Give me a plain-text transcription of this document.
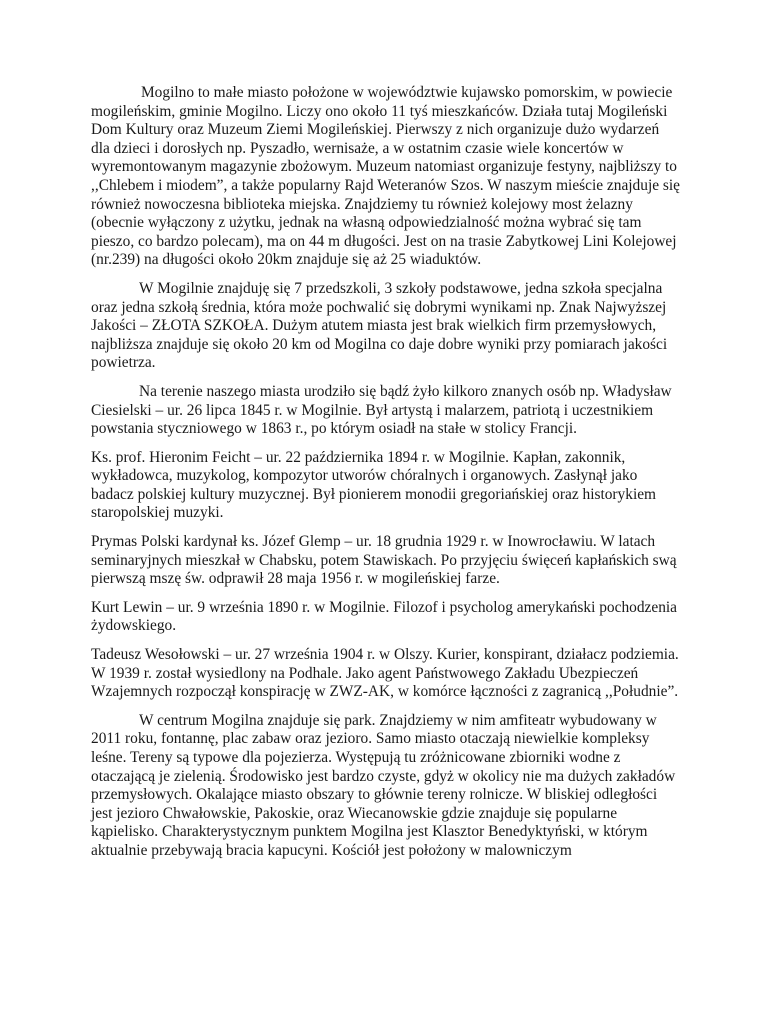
Mogilno to małe miasto położone w województwie kujawsko pomorskim, w powiecie mogileńskim, gminie Mogilno. Liczy ono około 11 tyś mieszkańców. Działa tutaj Mogileński Dom Kultury oraz Muzeum Ziemi Mogileńskiej. Pierwszy z nich organizuje dużo wydarzeń dla dzieci i dorosłych np. Pyszadło, wernisaże, a w ostatnim czasie wiele koncertów w wyremontowanym magazynie zbożowym. Muzeum natomiast organizuje festyny, najbliższy to ,,Chlebem i miodem”, a także popularny Rajd Weteranów Szos. W naszym mieście znajduje się również nowoczesna biblioteka miejska. Znajdziemy tu również kolejowy most żelazny (obecnie wyłączony z użytku, jednak na własną odpowiedzialność można wybrać się tam pieszo, co bardzo polecam), ma on 44 m długości. Jest on na trasie Zabytkowej Lini Kolejowej (nr.239) na długości około 20km znajduje się aż 25 wiaduktów.

W Mogilnie znajduję się 7 przedszkoli, 3 szkoły podstawowe, jedna szkoła specjalna oraz jedna szkołą średnia, która może pochwalić się dobrymi wynikami np. Znak Najwyższej Jakości – ZŁOTA SZKOŁA. Dużym atutem miasta jest brak wielkich firm przemysłowych, najbliższa znajduje się około 20 km od Mogilna co daje dobre wyniki przy pomiarach jakości powietrza.

Na terenie naszego miasta urodziło się bądź żyło kilkoro znanych osób np. Władysław Ciesielski – ur. 26 lipca 1845 r. w Mogilnie. Był artystą i malarzem, patriotą i uczestnikiem powstania styczniowego w 1863 r., po którym osiadł na stałe w stolicy Francji.

Ks. prof. Hieronim Feicht – ur. 22 października 1894 r. w Mogilnie. Kapłan, zakonnik, wykładowca, muzykolog, kompozytor utworów chóralnych i organowych. Zasłynął jako badacz polskiej kultury muzycznej. Był pionierem monodii gregoriańskiej oraz historykiem staropolskiej muzyki.

Prymas Polski kardynał ks. Józef Glemp – ur. 18 grudnia 1929 r. w Inowrocławiu. W latach seminaryjnych mieszkał w Chabsku, potem Stawiskach. Po przyjęciu święceń kapłańskich swą pierwszą mszę św. odprawił 28 maja 1956 r. w mogileńskiej farze.

Kurt Lewin – ur. 9 września 1890 r. w Mogilnie. Filozof i psycholog amerykański pochodzenia żydowskiego.

Tadeusz Wesołowski – ur. 27 września 1904 r. w Olszy. Kurier, konspirant, działacz podziemia. W 1939 r. został wysiedlony na Podhale. Jako agent Państwowego Zakładu Ubezpieczeń Wzajemnych rozpoczął konspirację w ZWZ-AK, w komórce łączności z zagranicą ,,Południe”.

W centrum Mogilna znajduje się park. Znajdziemy w nim amfiteatr wybudowany w 2011 roku, fontannę, plac zabaw oraz jezioro. Samo miasto otaczają niewielkie kompleksy leśne. Tereny są typowe dla pojezierza. Występują tu zróżnicowane zbiorniki wodne z otaczającą je zielenią. Środowisko jest bardzo czyste, gdyż w okolicy nie ma dużych zakładów przemysłowych. Okalające miasto obszary to głównie tereny rolnicze. W bliskiej odległości jest jezioro Chwałowskie, Pakoskie, oraz Wiecanowskie gdzie znajduje się popularne kąpielisko. Charakterystycznym punktem Mogilna jest Klasztor Benedyktyński, w którym aktualnie przebywają bracia kapucyni. Kościół jest położony w malowniczym
